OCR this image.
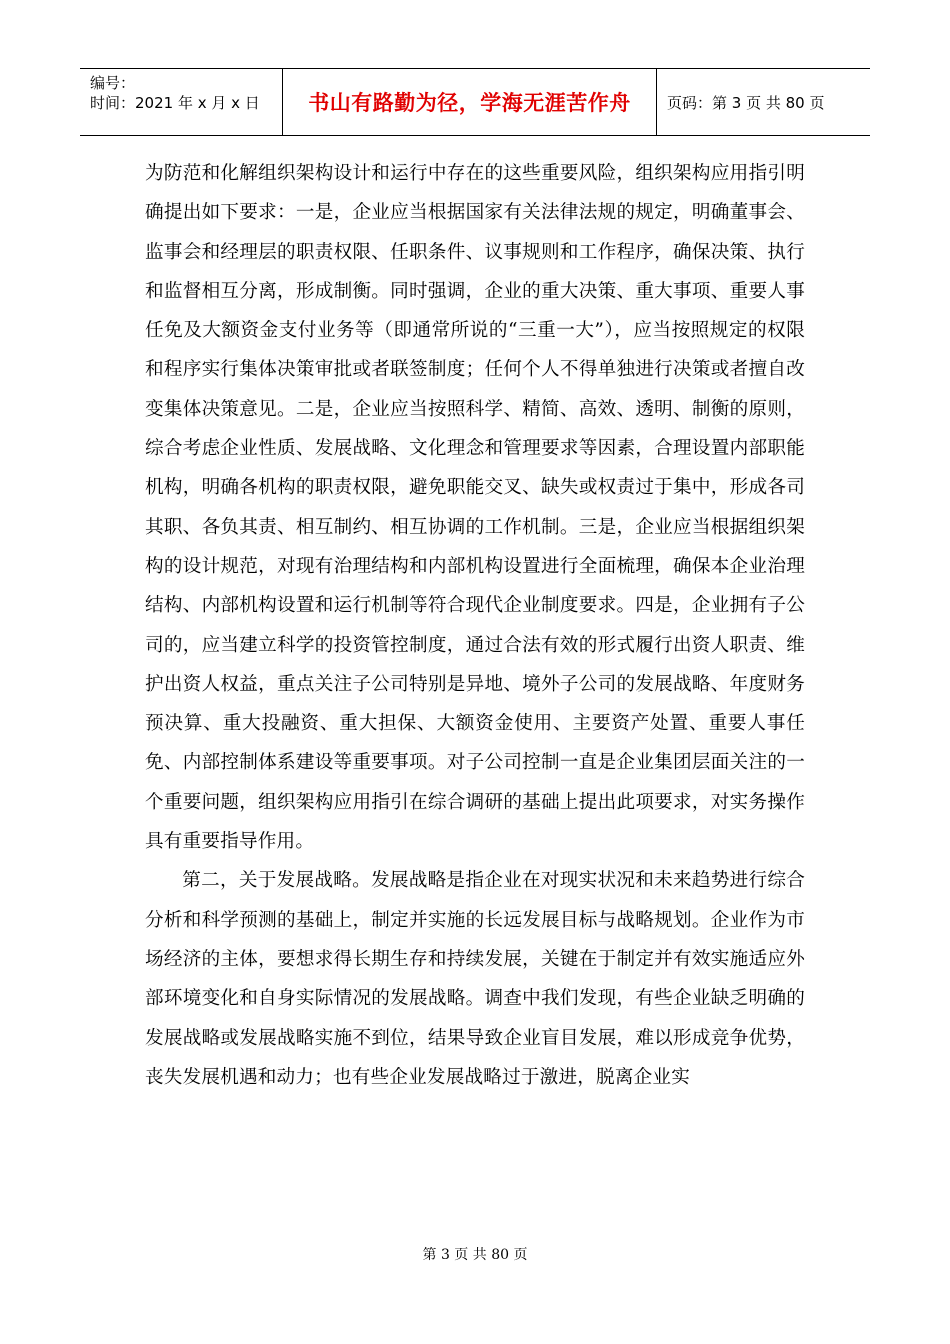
编号：
时间：2021 年 x 月 x 日	书山有路勤为径，学海无涯苦作舟	页码：第 3 页 共 80 页

为防范和化解组织架构设计和运行中存在的这些重要风险，组织架构应用指引明确提出如下要求：一是，企业应当根据国家有关法律法规的规定，明确董事会、监事会和经理层的职责权限、任职条件、议事规则和工作程序，确保决策、执行和监督相互分离，形成制衡。同时强调，企业的重大决策、重大事项、重要人事任免及大额资金支付业务等（即通常所说的“三重一大”），应当按照规定的权限和程序实行集体决策审批或者联签制度；任何个人不得单独进行决策或者擅自改变集体决策意见。二是，企业应当按照科学、精简、高效、透明、制衡的原则，综合考虑企业性质、发展战略、文化理念和管理要求等因素，合理设置内部职能机构，明确各机构的职责权限，避免职能交叉、缺失或权责过于集中，形成各司其职、各负其责、相互制约、相互协调的工作机制。三是，企业应当根据组织架构的设计规范，对现有治理结构和内部机构设置进行全面梳理，确保本企业治理结构、内部机构设置和运行机制等符合现代企业制度要求。四是，企业拥有子公司的，应当建立科学的投资管控制度，通过合法有效的形式履行出资人职责、维护出资人权益，重点关注子公司特别是异地、境外子公司的发展战略、年度财务预决算、重大投融资、重大担保、大额资金使用、主要资产处置、重要人事任免、内部控制体系建设等重要事项。对子公司控制一直是企业集团层面关注的一个重要问题，组织架构应用指引在综合调研的基础上提出此项要求，对实务操作具有重要指导作用。

第二，关于发展战略。发展战略是指企业在对现实状况和未来趋势进行综合分析和科学预测的基础上，制定并实施的长远发展目标与战略规划。企业作为市场经济的主体，要想求得长期生存和持续发展，关键在于制定并有效实施适应外部环境变化和自身实际情况的发展战略。调查中我们发现，有些企业缺乏明确的发展战略或发展战略实施不到位，结果导致企业盲目发展，难以形成竞争优势，丧失发展机遇和动力；也有些企业发展战略过于激进，脱离企业实

第 3 页 共 80 页
